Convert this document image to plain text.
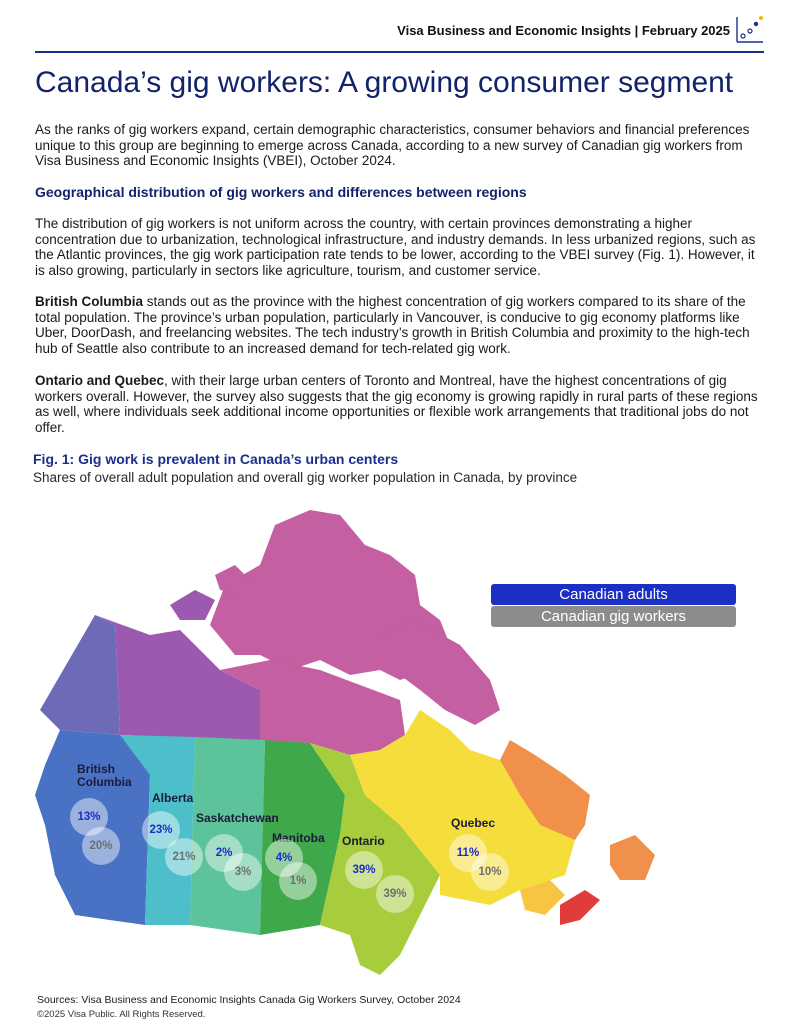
Visa Business and Economic Insights | February 2025
Canada’s gig workers: A growing consumer segment

As the ranks of gig workers expand, certain demographic characteristics, consumer behaviors and financial preferences unique to this group are beginning to emerge across Canada, according to a new survey of Canadian gig workers from Visa Business and Economic Insights (VBEI), October 2024.

Geographical distribution of gig workers and differences between regions

The distribution of gig workers is not uniform across the country, with certain provinces demonstrating a higher concentration due to urbanization, technological infrastructure, and industry demands. In less urbanized regions, such as the Atlantic provinces, the gig work participation rate tends to be lower, according to the VBEI survey (Fig. 1). However, it is also growing, particularly in sectors like agriculture, tourism, and customer service.

British Columbia stands out as the province with the highest concentration of gig workers compared to its share of the total population. The province’s urban population, particularly in Vancouver, is conducive to gig economy platforms like Uber, DoorDash, and freelancing websites. The tech industry’s growth in British Columbia and proximity to the high-tech hub of Seattle also contribute to an increased demand for tech-related gig work.

Ontario and Quebec, with their large urban centers of Toronto and Montreal, have the highest concentrations of gig workers overall. However, the survey also suggests that the gig economy is growing rapidly in rural parts of these regions as well, where individuals seek additional income opportunities or flexible work arrangements that traditional jobs do not offer.

Fig. 1: Gig work is prevalent in Canada’s urban centers
Shares of overall adult population and overall gig worker population in Canada, by province
Canadian adults
Canadian gig workers
British
Columbia
13%
20%
Alberta
23%
21%
Saskatchewan
2%
3%
Manitoba
4%
1%
Ontario
39%
39%
Quebec
11%
10%
Sources: Visa Business and Economic Insights Canada Gig Workers Survey, October 2024
©2025 Visa Public. All Rights Reserved.
